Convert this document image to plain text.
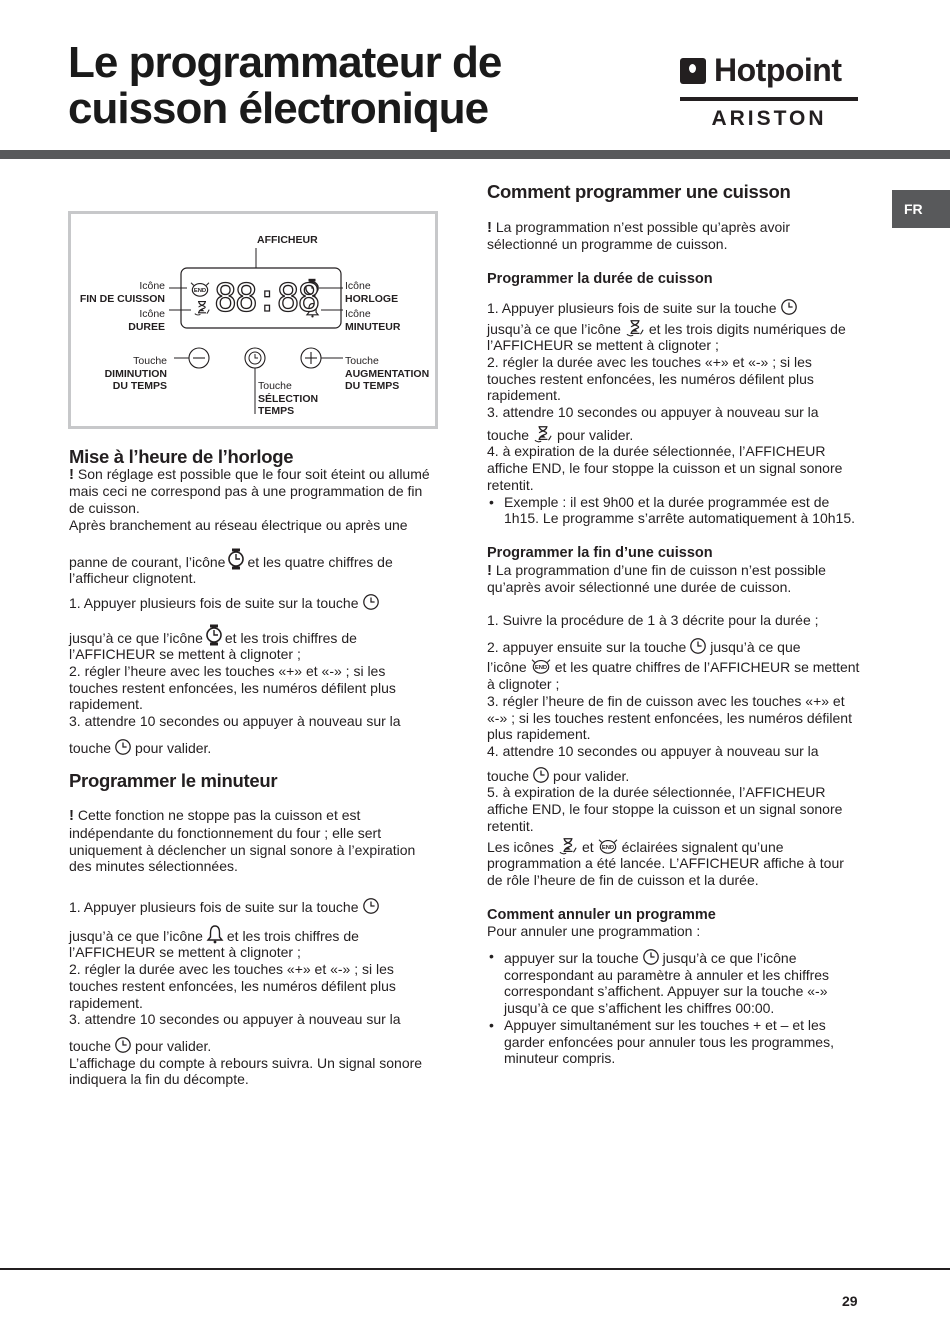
Le programmateur de
cuisson électronique
Hotpoint
ARISTON
FR
88:88
AFFICHEUR
Icône
FIN DE CUISSON
Icône
DUREE
Icône
HORLOGE
Icône
MINUTEUR
Touche
DIMINUTION
DU TEMPS
Touche
AUGMENTATION
DU TEMPS
Touche
SÉLECTION
TEMPS
Mise à l’heure de l’horloge

! Son réglage est possible que le four soit éteint ou allumé mais ceci ne correspond pas à une programmation de fin de cuisson.

Après branchement au réseau électrique ou après une

panne de courant, l’icône et les quatre chiffres de l’afficheur clignotent.

1. Appuyer plusieurs fois de suite sur la touche

jusqu’à ce que l’icône et les trois chiffres de l’AFFICHEUR se mettent à clignoter ;

2. régler l’heure avec les touches «+» et «-» ; si les touches restent enfoncées, les numéros défilent plus rapidement.

3. attendre 10 secondes ou appuyer à nouveau sur la

touche pour valider.

Programmer le minuteur

! Cette fonction ne stoppe pas la cuisson et est indépendante du fonctionnement du four ; elle sert uniquement à déclencher un signal sonore à l’expiration des minutes sélectionnées.

1. Appuyer plusieurs fois de suite sur la touche

jusqu’à ce que l’icône et les trois chiffres de l’AFFICHEUR se mettent à clignoter ;

2. régler la durée avec les touches «+» et «-» ; si les touches restent enfoncées, les numéros défilent plus rapidement.

3. attendre 10 secondes ou appuyer à nouveau sur la

touche pour valider.

L’affichage du compte à rebours suivra. Un signal sonore indiquera la fin du décompte.

Comment programmer une cuisson

! La programmation n’est possible qu’après avoir sélectionné un programme de cuisson.

Programmer la durée de cuisson

1. Appuyer plusieurs fois de suite sur la touche

jusqu’à ce que l’icône et les trois digits numériques de l’AFFICHEUR se mettent à clignoter ;

2. régler la durée avec les touches «+» et «-» ; si les touches restent enfoncées, les numéros défilent plus rapidement.

3. attendre 10 secondes ou appuyer à nouveau sur la

touche pour valider.

4. à expiration de la durée sélectionnée, l’AFFICHEUR affiche END, le four stoppe la cuisson et un signal sonore retentit.

• Exemple : il est 9h00 et la durée programmée est de 1h15. Le programme s’arrête automatiquement à 10h15.

Programmer la fin d’une cuisson

! La programmation d’une fin de cuisson n’est possible qu’après avoir sélectionné une durée de cuisson.

1. Suivre la procédure de 1 à 3 décrite pour la durée ;

2. appuyer ensuite sur la touche jusqu’à ce que

l’icône et les quatre chiffres de l’AFFICHEUR se mettent à clignoter ;

3. régler l’heure de fin de cuisson avec les touches «+» et «-» ; si les touches restent enfoncées, les numéros défilent plus rapidement.

4. attendre 10 secondes ou appuyer à nouveau sur la

touche pour valider.

5. à expiration de la durée sélectionnée, l’AFFICHEUR affiche END, le four stoppe la cuisson et un signal sonore retentit.

Les icônes et éclairées signalent qu’une programmation a été lancée. L’AFFICHEUR affiche à tour de rôle l’heure de fin de cuisson et la durée.

Comment annuler un programme

Pour annuler une programmation :

• appuyer sur la touche jusqu’à ce que l’icône correspondant au paramètre à annuler et les chiffres correspondant s’affichent. Appuyer sur la touche «-» jusqu’à ce que s’affichent les chiffres 00:00.

• Appuyer simultanément sur les touches + et – et les garder enfoncées pour annuler tous les programmes, minuteur compris.

29
